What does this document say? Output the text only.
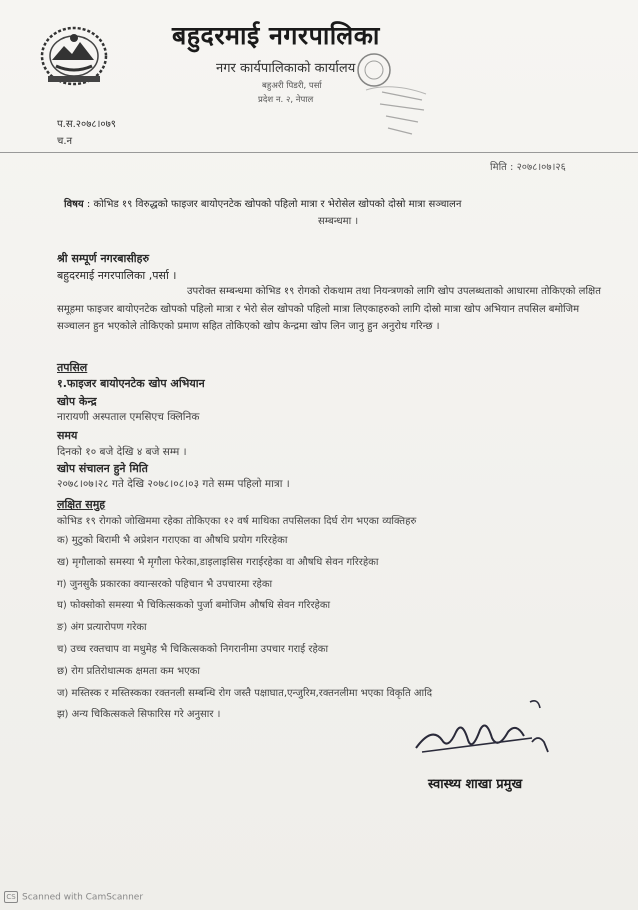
बहुदरमाई नगरपालिका
नगर कार्यपालिकाको कार्यालय
बहुअरी पिडरी, पर्सा
प्रदेश न. २, नेपाल
प.स.२०७८।०७९
च.न
मिति : २०७८।०७।२६
विषय : कोभिड १९ विरुद्धको फाइजर बायोएनटेक खोपको पहिलो मात्रा र भेरोसेल खोपको दोस्रो मात्रा सञ्चालन
सम्बन्धमा ।
श्री सम्पूर्ण नगरबासीहरु
बहुदरमाई नगरपालिका ,पर्सा ।
उपरोक्त सम्बन्धमा कोभिड १९ रोगको रोकथाम तथा नियन्त्रणको लागि खोप उपलब्धताको आधारमा तोकिएको लक्षित समूहमा फाइजर बायोएनटेक खोपको पहिलो मात्रा र भेरो सेल खोपको पहिलो मात्रा लिएकाहरुको लागि दोस्रो मात्रा खोप अभियान तपसिल बमोजिम सञ्चालन हुन भएकोले तोकिएको प्रमाण सहित तोकिएको खोप केन्द्रमा खोप लिन जानु हुन अनुरोध गरिन्छ ।
तपसिल
१.फाइजर बायोएनटेक खोप अभियान
खोप केन्द्र
नारायणी अस्पताल एमसिएच क्लिनिक
समय
दिनको १० बजे देखि ४ बजे सम्म ।
खोप संचालन हुने मिति
२०७८।०७।२८ गते देखि २०७८।०८।०३ गते सम्म पहिलो मात्रा ।
लक्षित समुह
कोभिड १९ रोगको जोखिममा रहेका तोकिएका १२ वर्ष माथिका तपसिलका दिर्घ रोग भएका व्यक्तिहरु
क) मुटुको बिरामी भै अप्रेशन गराएका वा औषधि प्रयोग गरिरहेका
ख) मृगौलाको समस्या भै मृगौला फेरेका,डाइलाइसिस गराईरहेका वा औषधि सेवन गरिरहेका
ग) जुनसुकै प्रकारका क्यान्सरको पहिचान भै उपचारमा रहेका
घ) फोक्सोको समस्या भै चिकित्सकको पुर्जा बमोजिम औषधि सेवन गरिरहेका
ङ) अंग प्रत्यारोपण गरेका
च) उच्च रक्तचाप वा मधुमेह भै चिकित्सकको निगरानीमा उपचार गराई रहेका
छ) रोग प्रतिरोधात्मक क्षमता कम भएका
ज) मस्तिस्क र मस्तिस्कका रक्तनली सम्बन्धि रोग जस्तै पक्षाघात,एन्जुरिम,रक्तनलीमा भएका विकृति आदि
झ) अन्य चिकित्सकले सिफारिस गरे अनुसार ।
स्वास्थ्य शाखा प्रमुख
CS Scanned with CamScanner
